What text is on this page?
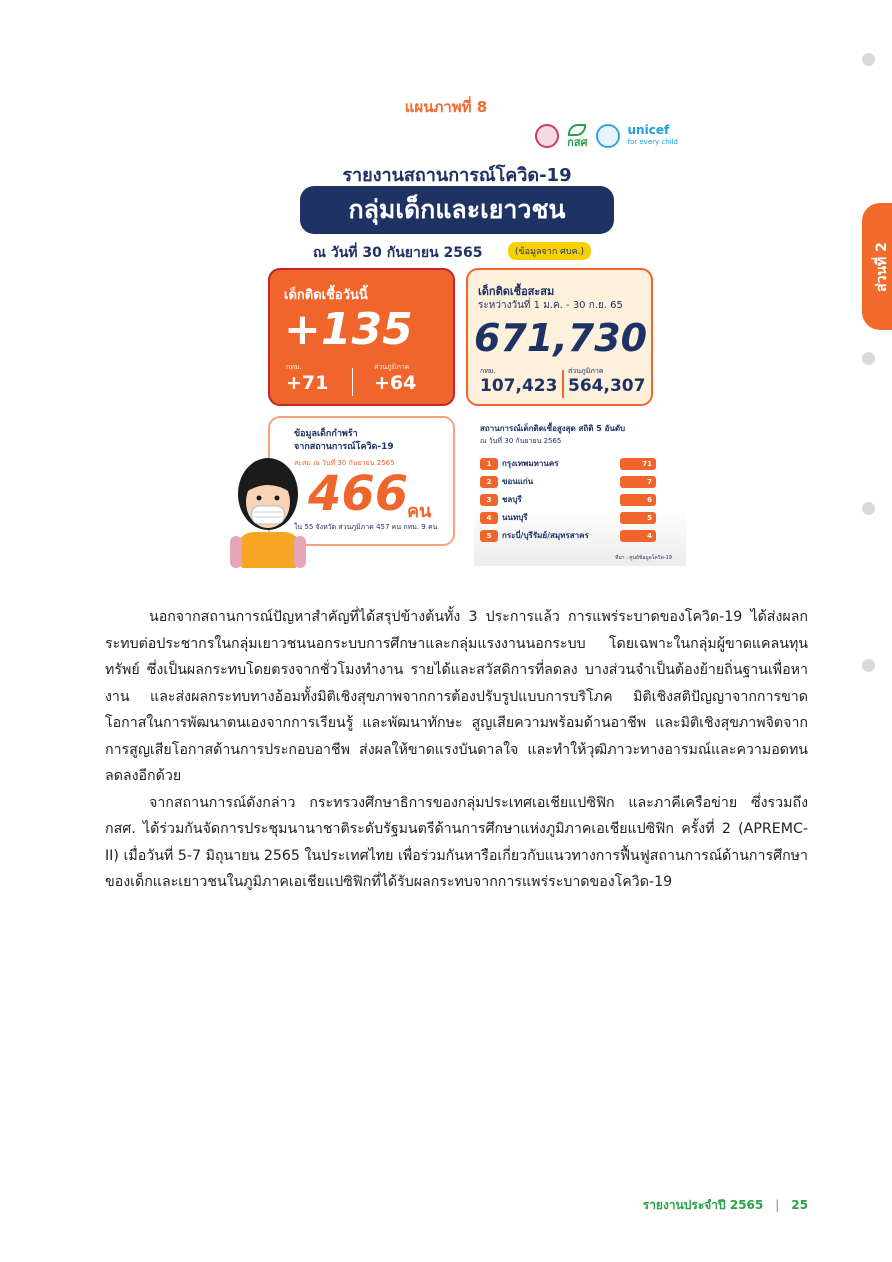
ส่วนที่ 2
แผนภาพที่ 8
กสศ
unicef
for every child
รายงานสถานการณ์โควิด-19
กลุ่มเด็กและเยาวชน
ณ วันที่ 30 กันยายน 2565	(ข้อมูลจาก ศบค.)
เด็กติดเชื้อวันนี้
+135
กทม.
+71
ส่วนภูมิภาค
+64
เด็กติดเชื้อสะสม
ระหว่างวันที่ 1 ม.ค. - 30 ก.ย. 65
671,730
กทม.
107,423
ส่วนภูมิภาค
564,307
ข้อมูลเด็กกำพร้า
จากสถานการณ์โควิด-19
สะสม ณ วันที่ 30 กันยายน 2565
466
คน
ใน 55 จังหวัด ส่วนภูมิภาค 457 คน กทม. 9 คน
สถานการณ์เด็กติดเชื้อสูงสุด สถิติ 5 อันดับ
ณ วันที่ 30 กันยายน 2565
1	กรุงเทพมหานคร	71
2	ขอนแก่น	7
3	ชลบุรี	6
4	นนทบุรี	5
5	กระบี่/บุรีรัมย์/สมุทรสาคร	4
ที่มา : ศูนย์ข้อมูลโควิด-19

นอกจากสถานการณ์ปัญหาสำคัญที่ได้สรุปข้างต้นทั้ง 3 ประการแล้ว การแพร่ระบาดของโควิด-19 ได้ส่งผลกระทบต่อประชากรในกลุ่มเยาวชนนอกระบบการศึกษาและกลุ่มแรงงานนอกระบบ โดยเฉพาะในกลุ่มผู้ขาดแคลนทุนทรัพย์ ซึ่งเป็นผลกระทบโดยตรงจากชั่วโมงทำงาน รายได้และสวัสดิการที่ลดลง บางส่วนจำเป็นต้องย้ายถิ่นฐานเพื่อหางาน และส่งผลกระทบทางอ้อมทั้งมิติเชิงสุขภาพจากการต้องปรับรูปแบบการบริโภค มิติเชิงสติปัญญาจากการขาดโอกาสในการพัฒนาตนเองจากการเรียนรู้ และพัฒนาทักษะ สูญเสียความพร้อมด้านอาชีพ และมิติเชิงสุขภาพจิตจากการสูญเสียโอกาสด้านการประกอบอาชีพ ส่งผลให้ขาดแรงบันดาลใจ และทำให้วุฒิภาวะทางอารมณ์และความอดทนลดลงอีกด้วย

จากสถานการณ์ดังกล่าว กระทรวงศึกษาธิการของกลุ่มประเทศเอเชียแปซิฟิก และภาคีเครือข่าย ซึ่งรวมถึง กสศ. ได้ร่วมกันจัดการประชุมนานาชาติระดับรัฐมนตรีด้านการศึกษาแห่งภูมิภาคเอเชียแปซิฟิก ครั้งที่ 2 (APREMC-II) เมื่อวันที่ 5-7 มิถุนายน 2565 ในประเทศไทย เพื่อร่วมกันหารือเกี่ยวกับแนวทางการฟื้นฟูสถานการณ์ด้านการศึกษาของเด็กและเยาวชนในภูมิภาคเอเชียแปซิฟิกที่ได้รับผลกระทบจากการแพร่ระบาดของโควิด-19

รายงานประจำปี 2565 | 25
